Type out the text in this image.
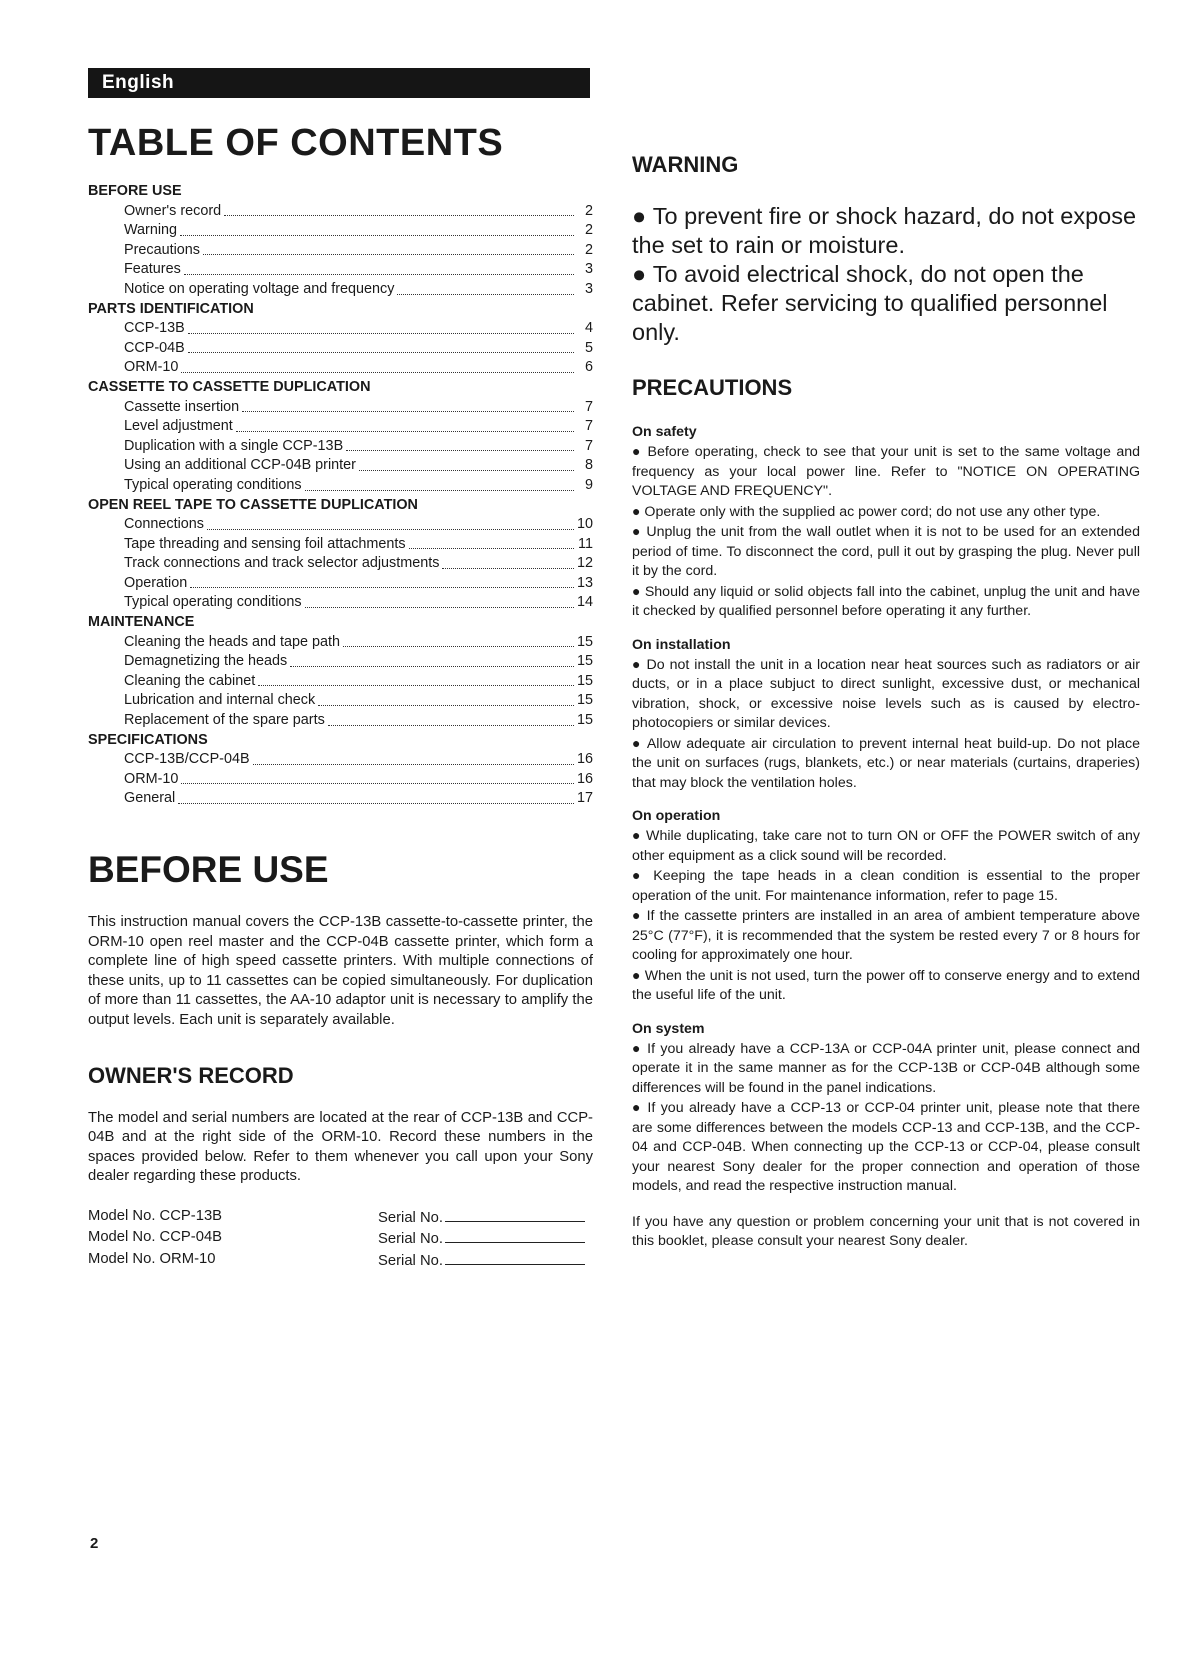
English
TABLE OF CONTENTS
BEFORE USE
Owner's record	2
Warning	2
Precautions	2
Features	3
Notice on operating voltage and frequency	3
PARTS IDENTIFICATION
CCP-13B	4
CCP-04B	5
ORM-10	6
CASSETTE TO CASSETTE DUPLICATION
Cassette insertion	7
Level adjustment	7
Duplication with a single CCP-13B	7
Using an additional CCP-04B printer	8
Typical operating conditions	9
OPEN REEL TAPE TO CASSETTE DUPLICATION
Connections	10
Tape threading and sensing foil attachments	11
Track connections and track selector adjustments	12
Operation	13
Typical operating conditions	14
MAINTENANCE
Cleaning the heads and tape path	15
Demagnetizing the heads	15
Cleaning the cabinet	15
Lubrication and internal check	15
Replacement of the spare parts	15
SPECIFICATIONS
CCP-13B/CCP-04B	16
ORM-10	16
General	17
BEFORE USE

This instruction manual covers the CCP-13B cassette-to-cassette printer, the ORM-10 open reel master and the CCP-04B cassette printer, which form a complete line of high speed cassette printers. With multiple connections of these units, up to 11 cassettes can be copied simultaneously. For duplication of more than 11 cassettes, the AA-10 adaptor unit is necessary to amplify the output levels. Each unit is separately available.

OWNER'S RECORD

The model and serial numbers are located at the rear of CCP-13B and CCP-04B and at the right side of the ORM-10. Record these numbers in the spaces provided below. Refer to them whenever you call upon your Sony dealer regarding these products.

Model No. CCP-13B	Serial No.
Model No. CCP-04B	Serial No.
Model No. ORM-10	Serial No.
WARNING

● To prevent fire or shock hazard, do not expose the set to rain or moisture.

● To avoid electrical shock, do not open the cabinet. Refer servicing to qualified personnel only.

PRECAUTIONS

On safety

● Before operating, check to see that your unit is set to the same voltage and frequency as your local power line. Refer to "NOTICE ON OPERATING VOLTAGE AND FREQUENCY".

● Operate only with the supplied ac power cord; do not use any other type.

● Unplug the unit from the wall outlet when it is not to be used for an extended period of time. To disconnect the cord, pull it out by grasping the plug. Never pull it by the cord.

● Should any liquid or solid objects fall into the cabinet, unplug the unit and have it checked by qualified personnel before operating it any further.

On installation

● Do not install the unit in a location near heat sources such as radiators or air ducts, or in a place subjuct to direct sunlight, excessive dust, or mechanical vibration, shock, or excessive noise levels such as is caused by electro-photocopiers or similar devices.

● Allow adequate air circulation to prevent internal heat build-up. Do not place the unit on surfaces (rugs, blankets, etc.) or near materials (curtains, draperies) that may block the ventilation holes.

On operation

● While duplicating, take care not to turn ON or OFF the POWER switch of any other equipment as a click sound will be recorded.

● Keeping the tape heads in a clean condition is essential to the proper operation of the unit. For maintenance information, refer to page 15.

● If the cassette printers are installed in an area of ambient temperature above 25°C (77°F), it is recommended that the system be rested every 7 or 8 hours for cooling for approximately one hour.

● When the unit is not used, turn the power off to conserve energy and to extend the useful life of the unit.

On system

● If you already have a CCP-13A or CCP-04A printer unit, please connect and operate it in the same manner as for the CCP-13B or CCP-04B although some differences will be found in the panel indications.

● If you already have a CCP-13 or CCP-04 printer unit, please note that there are some differences between the models CCP-13 and CCP-13B, and the CCP-04 and CCP-04B. When connecting up the CCP-13 or CCP-04, please consult your nearest Sony dealer for the proper connection and operation of those models, and read the respective instruction manual.

If you have any question or problem concerning your unit that is not covered in this booklet, please consult your nearest Sony dealer.

2
